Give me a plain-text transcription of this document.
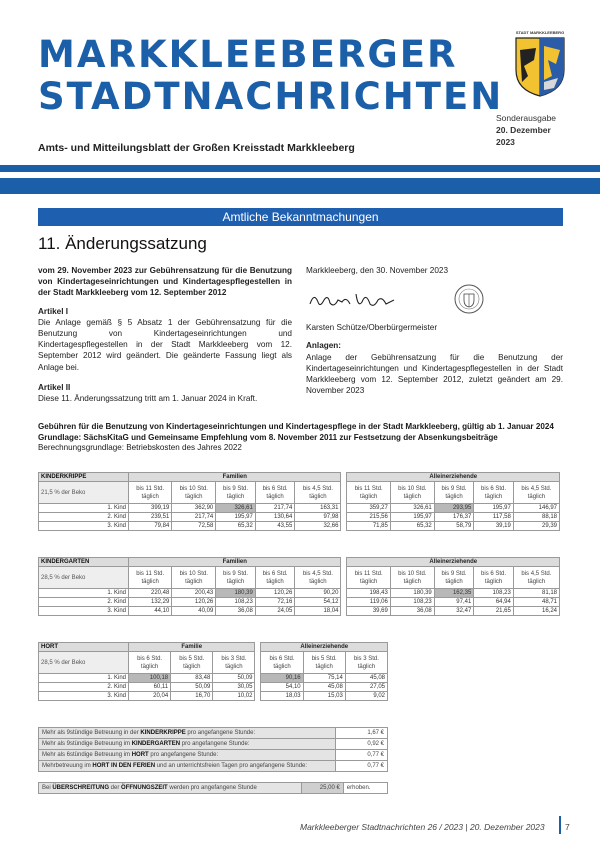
MARKKLEEBERGER
STADTNACHRICHTEN
STADT MARKKLEEBERG
Sonderausgabe
20. Dezember 2023
Amts- und Mitteilungsblatt der Großen Kreisstadt Markkleeberg
Amtliche Bekanntmachungen
11. Änderungssatzung
vom 29. November 2023 zur Gebührensatzung für die Benutzung von Kindertageseinrichtungen und Kindertagespflegestellen in der Stadt Markkleeberg vom 12. September 2012
Artikel I
Die Anlage gemäß § 5 Absatz 1 der Gebührensatzung für die Benutzung von Kindertageseinrichtungen und Kindertagespflegestellen in der Stadt Markkleeberg vom 12. September 2012 wird geändert. Die geänderte Fassung liegt als Anlage bei.
Artikel II
Diese 11. Änderungssatzung tritt am 1. Januar 2024 in Kraft.
Markkleeberg, den 30. November 2023
Karsten Schütze/Oberbürgermeister
Anlagen:
Anlage der Gebührensatzung für die Benutzung der Kindertageseinrichtungen und Kindertagespflegestellen in der Stadt Markkleeberg vom 12. September 2012, zuletzt geändert am 29. November 2023
Gebühren für die Benutzung von Kindertageseinrichtungen und Kindertagespflege in der Stadt Markkleeberg, gültig ab 1. Januar 2024
Grundlage: SächsKitaG und Gemeinsame Empfehlung vom 8. November 2011 zur Festsetzung der Absenkungsbeiträge
Berechnungsgrundlage: Betriebskosten des Jahres 2022
KINDERKRIPPE	Familien						Alleinerziehende				
21,5 % der Beko	bis 11 Std.
täglich	bis 10 Std.
täglich	bis 9 Std.
täglich	bis 6 Std.
täglich	bis 4,5 Std.
täglich		bis 11 Std.
täglich	bis 10 Std.
täglich	bis 9 Std.
täglich	bis 6 Std.
täglich	bis 4,5 Std.
täglich
1. Kind	399,19	362,90	326,61	217,74	163,31		359,27	326,61	293,95	195,97	146,97
2. Kind	239,51	217,74	195,97	130,64	97,98		215,56	195,97	176,37	117,58	88,18
3. Kind	79,84	72,58	65,32	43,55	32,66		71,85	65,32	58,79	39,19	29,39
KINDERGARTEN	Familien						Alleinerziehende				
28,5 % der Beko	bis 11 Std.
täglich	bis 10 Std.
täglich	bis 9 Std.
täglich	bis 6 Std.
täglich	bis 4,5 Std.
täglich		bis 11 Std.
täglich	bis 10 Std.
täglich	bis 9 Std.
täglich	bis 6 Std.
täglich	bis 4,5 Std.
täglich
1. Kind	220,48	200,43	180,39	120,26	90,20		198,43	180,39	162,35	108,23	81,18
2. Kind	132,29	120,26	108,23	72,16	54,12		119,06	108,23	97,41	64,94	48,71
3. Kind	44,10	40,09	36,08	24,05	18,04		39,69	36,08	32,47	21,65	16,24
HORT	Familie				Alleinerziehende		
28,5 % der Beko	bis 6 Std.
täglich	bis 5 Std.
täglich	bis 3 Std.
täglich		bis 6 Std.
täglich	bis 5 Std.
täglich	bis 3 Std.
täglich
1. Kind	100,18	83,48	50,09		90,16	75,14	45,08
2. Kind	60,11	50,09	30,05		54,10	45,08	27,05
3. Kind	20,04	16,70	10,02		18,03	15,03	9,02
Mehr als 9stündige Betreuung in der KINDERKRIPPE pro angefangene Stunde:	1,67 €
Mehr als 9stündige Betreuung im KINDERGARTEN pro angefangene Stunde:	0,92 €
Mehr als 6stündige Betreuung im HORT pro angefangene Stunde:	0,77 €
Mehrbetreuung im HORT IN DEN FERIEN und an unterrichtsfreien Tagen pro angefangene Stunde:	0,77 €
Bei ÜBERSCHREITUNG der ÖFFNUNGSZEIT werden pro angefangene Stunde	25,00 €	erhoben.
Markkleeberger Stadtnachrichten 26 / 2023 | 20. Dezember 2023 7
